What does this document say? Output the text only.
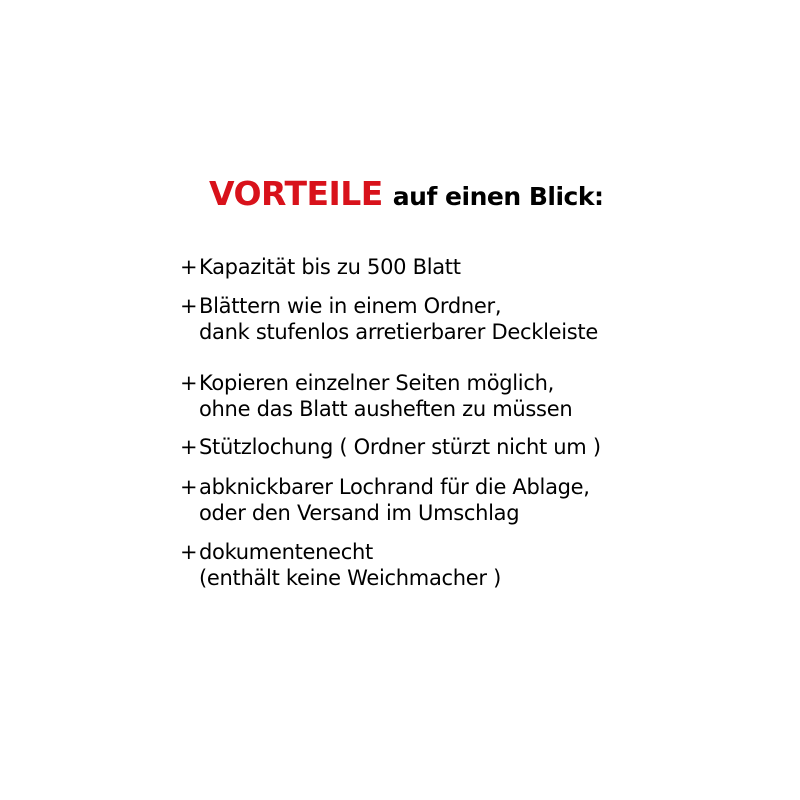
VORTEILE auf einen Blick:
+Kapazität bis zu 500 Blatt
+Blättern wie in einem Ordner,
dank stufenlos arretierbarer Deckleiste
+Kopieren einzelner Seiten möglich,
ohne das Blatt ausheften zu müssen
+Stützlochung ( Ordner stürzt nicht um )
+abknickbarer Lochrand für die Ablage,
oder den Versand im Umschlag
+dokumentenecht
(enthält keine Weichmacher )
